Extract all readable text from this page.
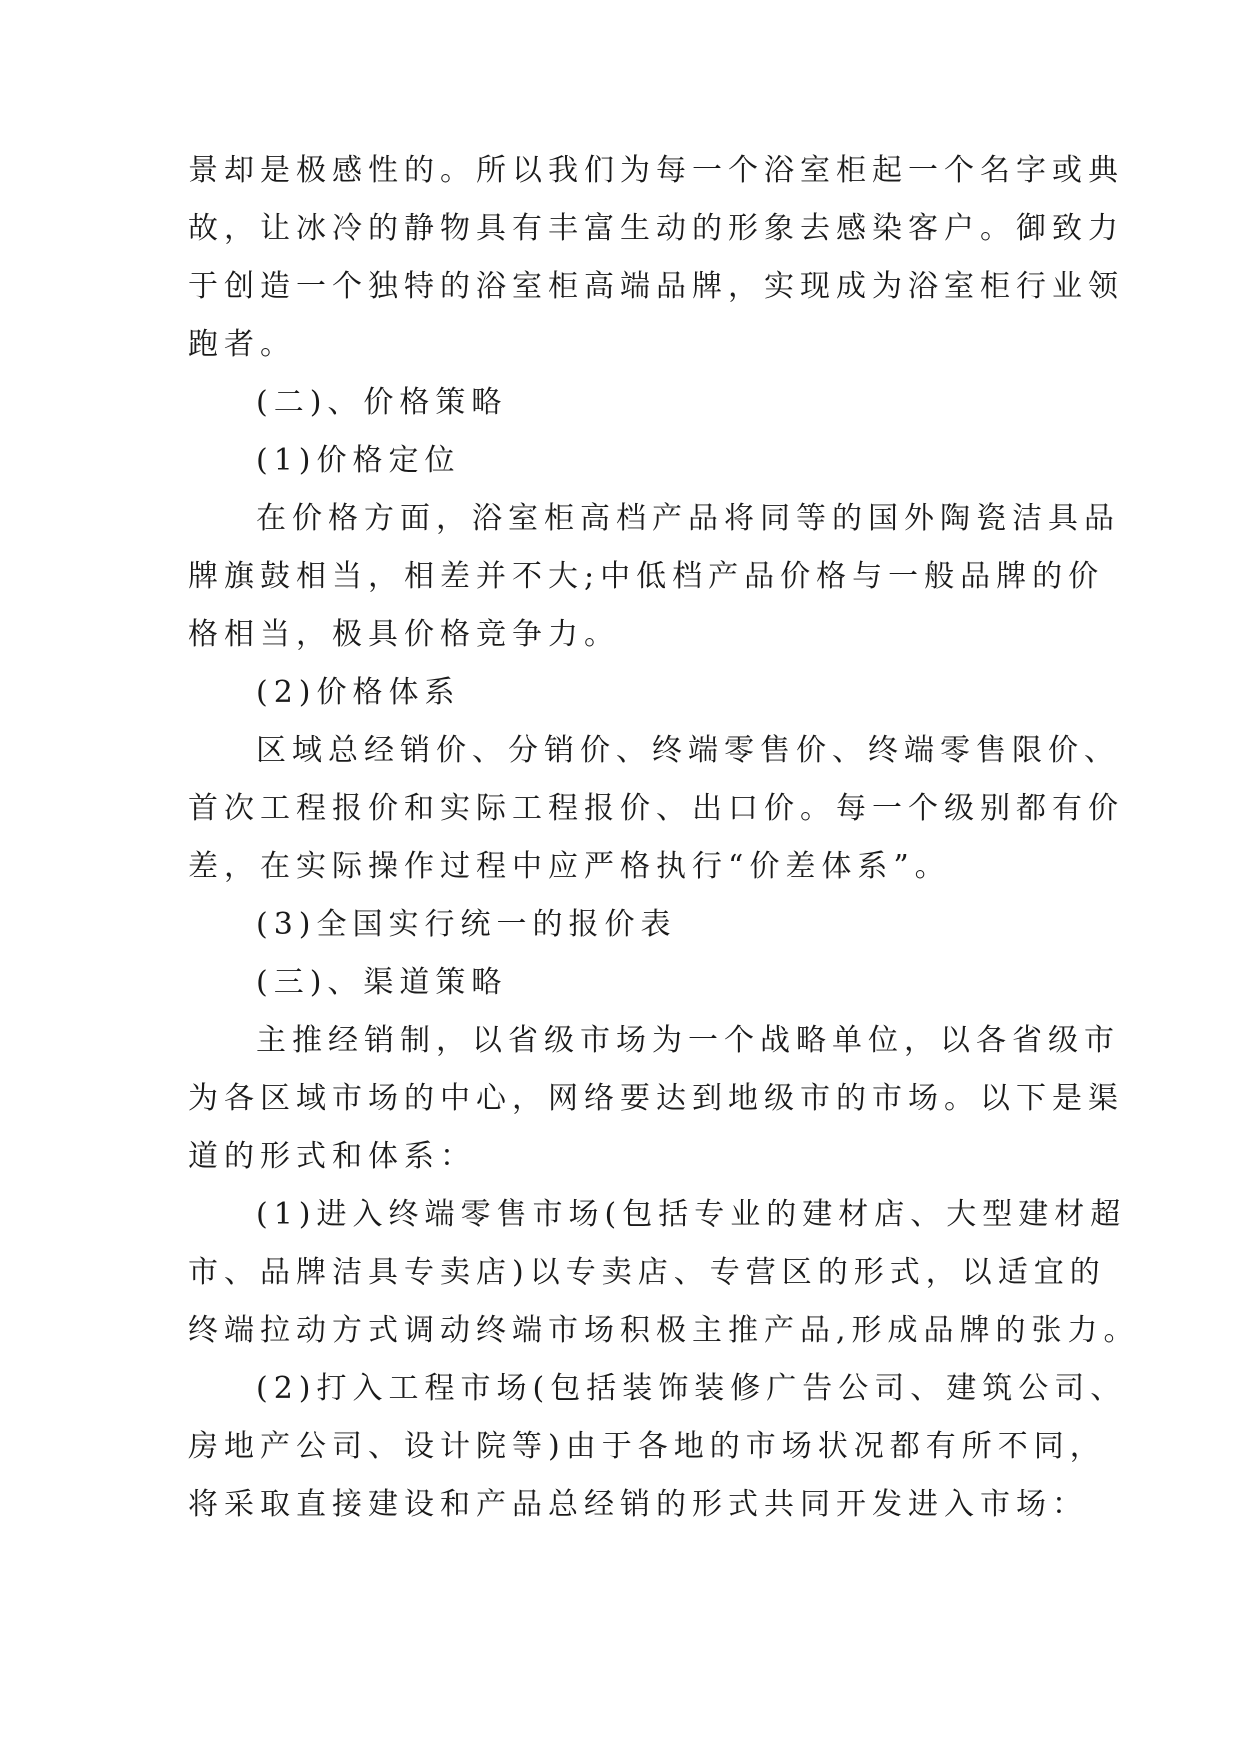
景却是极感性的。所以我们为每一个浴室柜起一个名字或典
故，让冰冷的静物具有丰富生动的形象去感染客户。御致力
于创造一个独特的浴室柜高端品牌，实现成为浴室柜行业领
跑者。
(二)、价格策略
(1)价格定位
在价格方面，浴室柜高档产品将同等的国外陶瓷洁具品
牌旗鼓相当，相差并不大;中低档产品价格与一般品牌的价
格相当，极具价格竞争力。
(2)价格体系
区域总经销价、分销价、终端零售价、终端零售限价、
首次工程报价和实际工程报价、出口价。每一个级别都有价
差，在实际操作过程中应严格执行“价差体系”。
(3)全国实行统一的报价表
(三)、渠道策略
主推经销制，以省级市场为一个战略单位，以各省级市
为各区域市场的中心，网络要达到地级市的市场。以下是渠
道的形式和体系：
(1)进入终端零售市场(包括专业的建材店、大型建材超
市、品牌洁具专卖店)以专卖店、专营区的形式，以适宜的
终端拉动方式调动终端市场积极主推产品,形成品牌的张力。
(2)打入工程市场(包括装饰装修广告公司、建筑公司、
房地产公司、设计院等)由于各地的市场状况都有所不同，
将采取直接建设和产品总经销的形式共同开发进入市场：
